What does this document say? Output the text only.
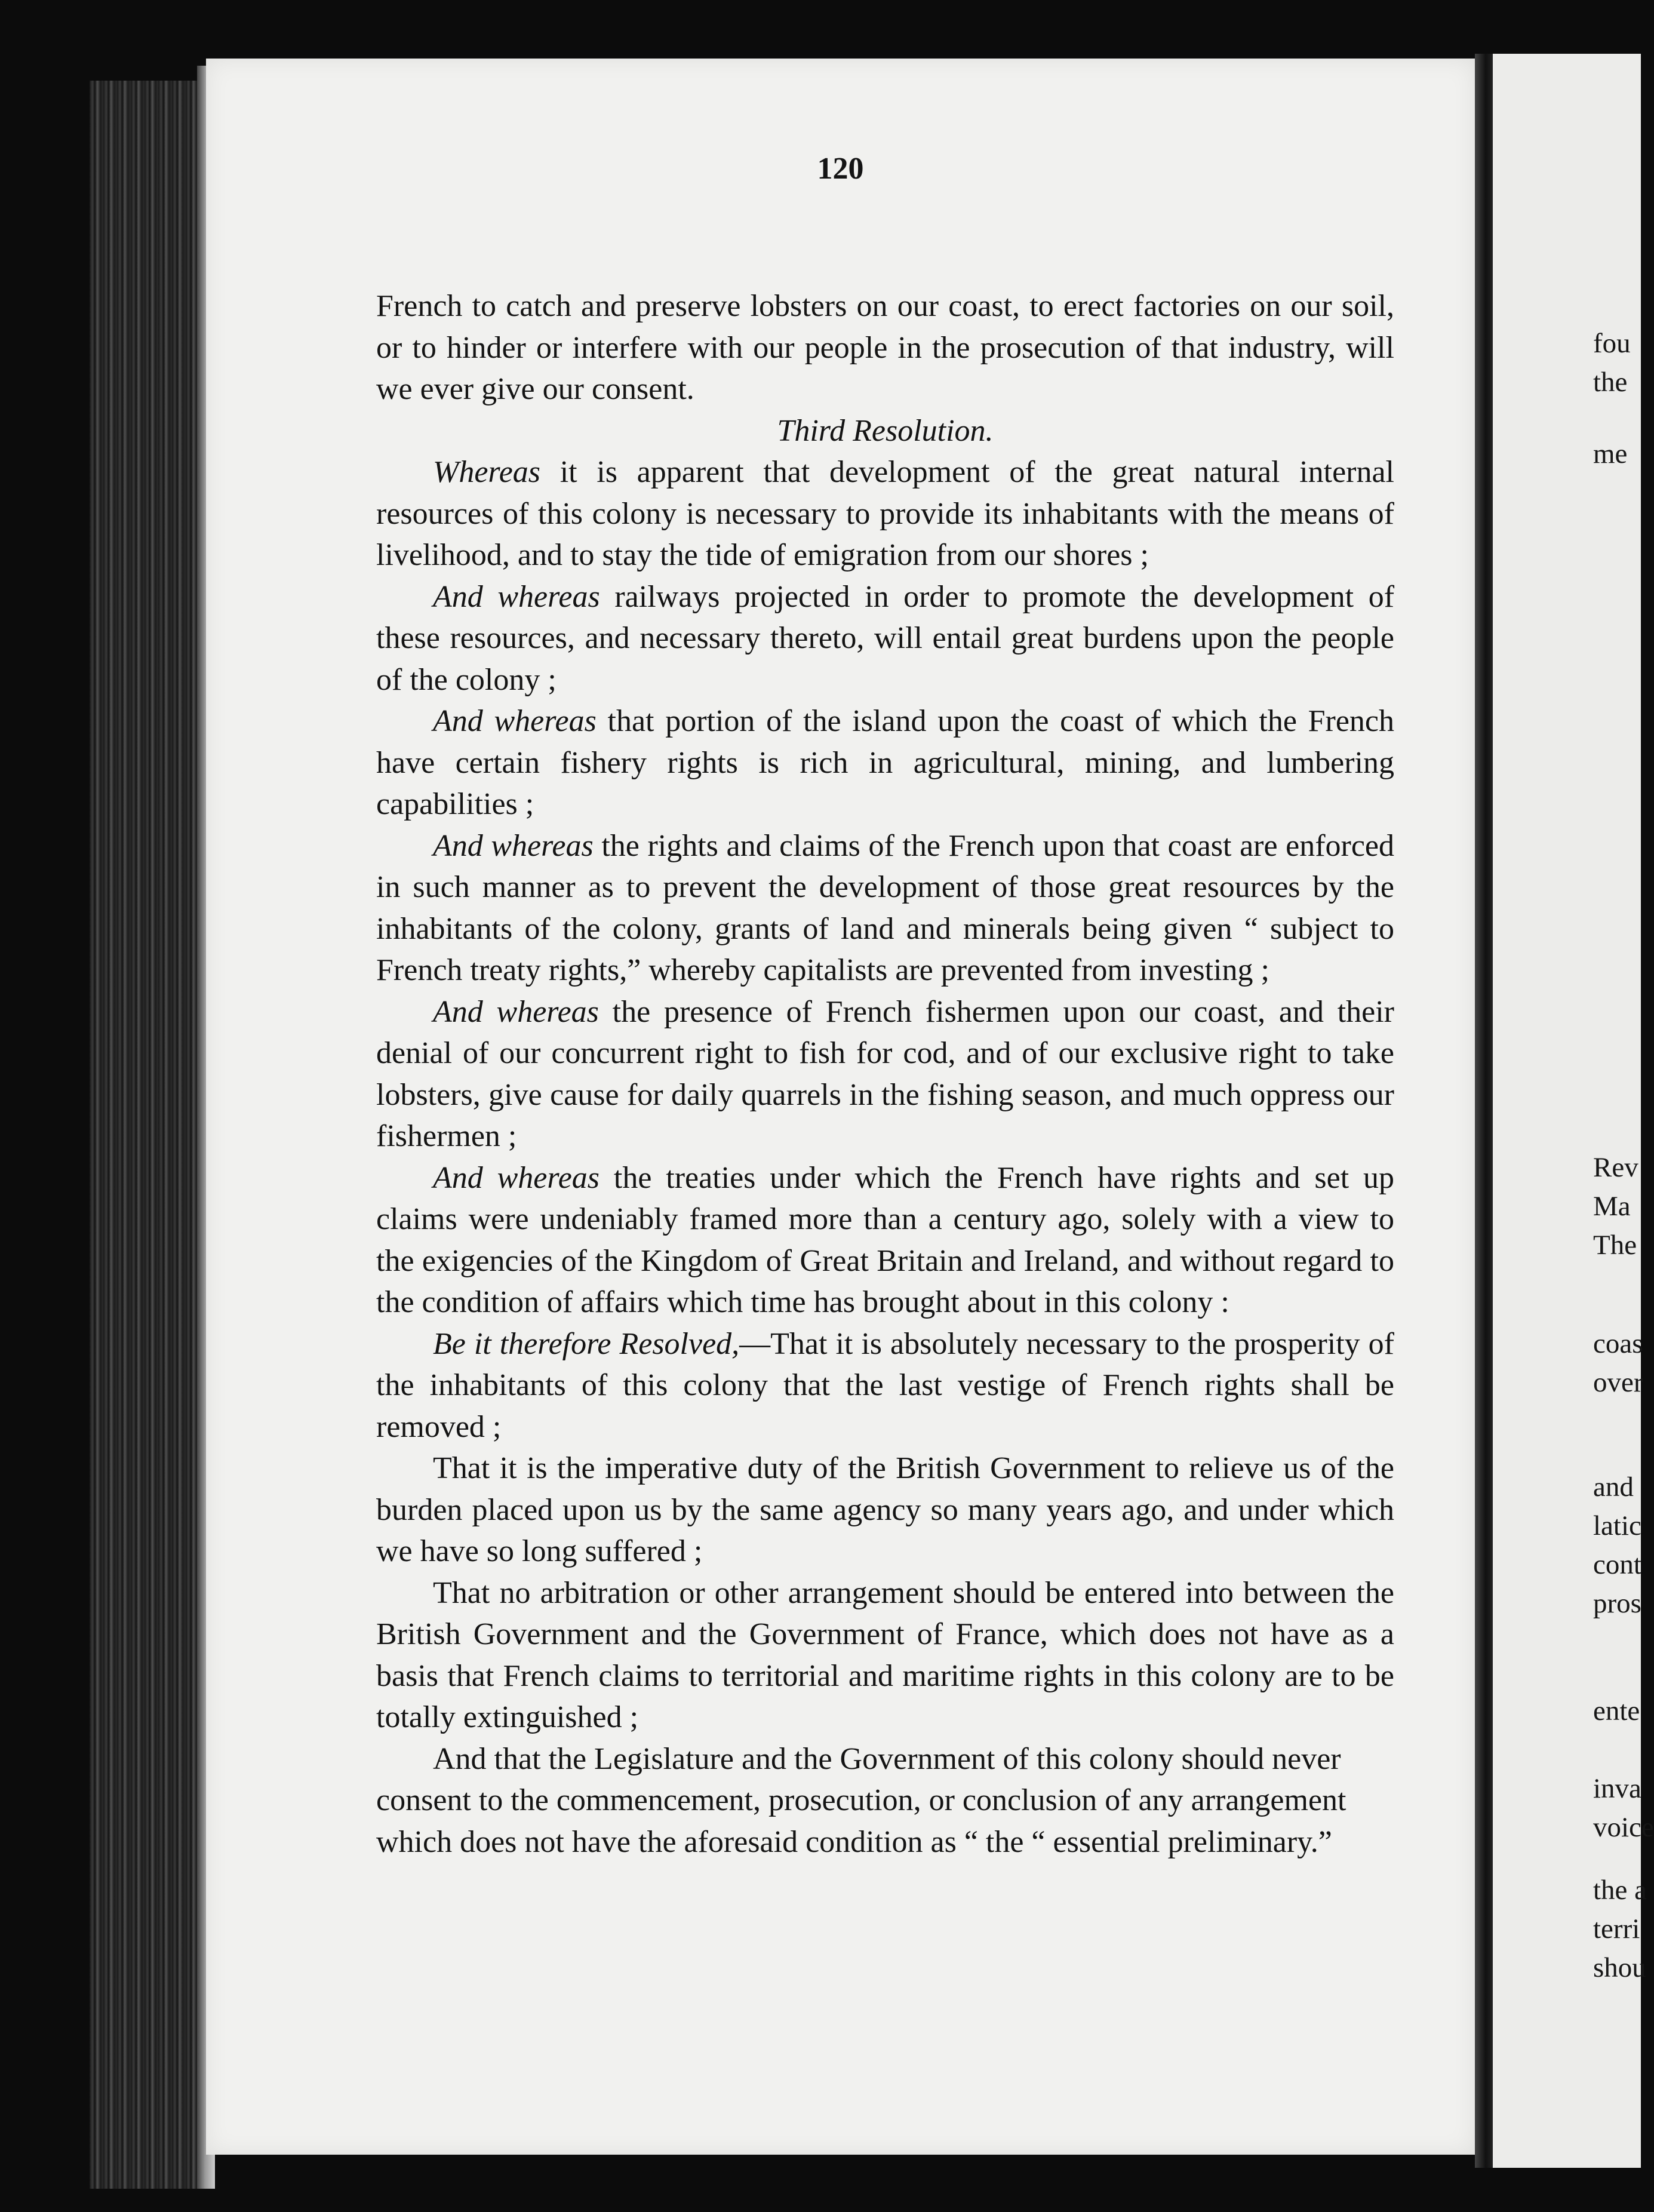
120

French to catch and preserve lobsters on our coast, to erect factories on our soil, or to hinder or interfere with our people in the prosecution of that industry, will we ever give our consent.

Third Resolution.

Whereas it is apparent that development of the great natural internal resources of this colony is necessary to provide its inhabitants with the means of livelihood, and to stay the tide of emigration from our shores ;

And whereas railways projected in order to promote the development of these resources, and necessary thereto, will entail great burdens upon the people of the colony ;

And whereas that portion of the island upon the coast of which the French have certain fishery rights is rich in agricultural, mining, and lumbering capabilities ;

And whereas the rights and claims of the French upon that coast are enforced in such manner as to prevent the development of those great resources by the inhabitants of the colony, grants of land and minerals being given “ subject to French treaty rights,” whereby capitalists are prevented from investing ;

And whereas the presence of French fishermen upon our coast, and their denial of our concurrent right to fish for cod, and of our exclusive right to take lobsters, give cause for daily quarrels in the fishing season, and much oppress our fishermen ;

And whereas the treaties under which the French have rights and set up claims were undeniably framed more than a century ago, solely with a view to the exigencies of the Kingdom of Great Britain and Ireland, and without regard to the condition of affairs which time has brought about in this colony :

Be it therefore Resolved,—That it is absolutely necessary to the prosperity of the inhabitants of this colony that the last vestige of French rights shall be removed ;

That it is the imperative duty of the British Government to relieve us of the burden placed upon us by the same agency so many years ago, and under which we have so long suffered ;

That no arbitration or other arrangement should be entered into between the British Government and the Government of France, which does not have as a basis that French claims to territorial and maritime rights in this colony are to be totally extinguished ;

And that the Legislature and the Government of this colony should never consent to the commencement, prosecution, or conclusion of any arrangement which does not have the aforesaid condition as “ the “ essential preliminary.”

fou
the
me
Rev
Ma
The
coas
over
and
latic
cont
pros
ente
inva
voice
the a
terri
shou
